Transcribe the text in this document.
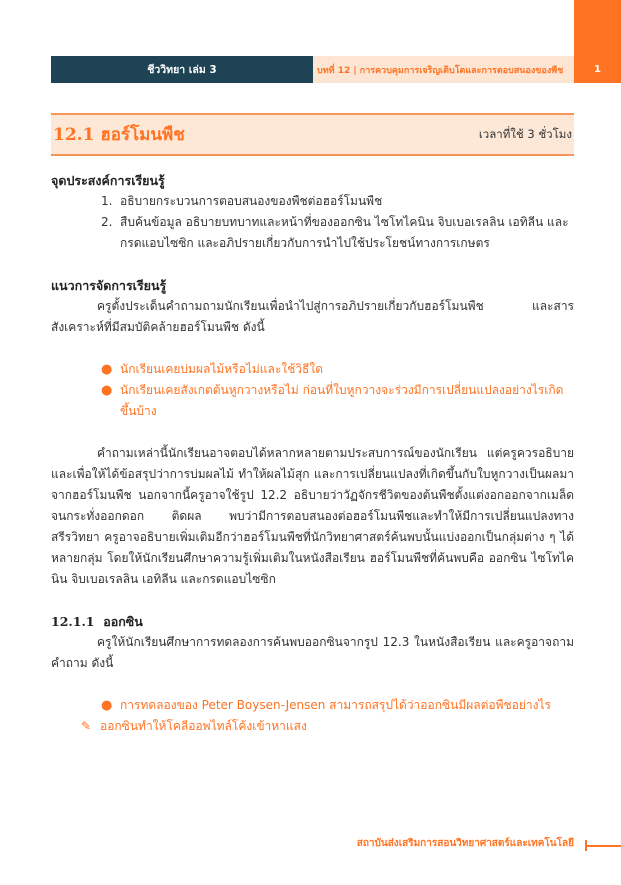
ชีววิทยา เล่ม 3	บทที่ 12 | การควบคุมการเจริญเติบโตและการตอบสนองของพืช	1
12.1 ฮอร์โมนพืช	เวลาที่ใช้ 3 ชั่วโมง
จุดประสงค์การเรียนรู้
1. อธิบายกระบวนการตอบสนองของพืชต่อฮอร์โมนพืช
2. สืบค้นข้อมูล อธิบายบทบาทและหน้าที่ของออกซิน ไซโทไคนิน จิบเบอเรลลิน เอทิลีน และกรดแอบไซซิก และอภิปรายเกี่ยวกับการนำไปใช้ประโยชน์ทางการเกษตร
แนวการจัดการเรียนรู้

ครูตั้งประเด็นคำถามถามนักเรียนเพื่อนำไปสู่การอภิปรายเกี่ยวกับฮอร์โมนพืช และสารสังเคราะห์ที่มีสมบัติคล้ายฮอร์โมนพืช ดังนี้

● นักเรียนเคยบ่มผลไม้หรือไม่และใช้วิธีใด
● นักเรียนเคยสังเกตต้นหูกวางหรือไม่ ก่อนที่ใบหูกวางจะร่วงมีการเปลี่ยนแปลงอย่างไรเกิดขึ้นบ้าง

คำถามเหล่านี้นักเรียนอาจตอบได้หลากหลายตามประสบการณ์ของนักเรียน แต่ครูควรอธิบายและเพื่อให้ได้ข้อสรุปว่าการบ่มผลไม้ ทำให้ผลไม้สุก และการเปลี่ยนแปลงที่เกิดขึ้นกับใบหูกวางเป็นผลมาจากฮอร์โมนพืช นอกจากนี้ครูอาจใช้รูป 12.2 อธิบายว่าวัฏจักรชีวิตของต้นพืชตั้งแต่งอกออกจากเมล็ดจนกระทั่งออกดอก ติดผล พบว่ามีการตอบสนองต่อฮอร์โมนพืชและทำให้มีการเปลี่ยนแปลงทางสรีรวิทยา ครูอาจอธิบายเพิ่มเติมอีกว่าฮอร์โมนพืชที่นักวิทยาศาสตร์ค้นพบนั้นแบ่งออกเป็นกลุ่มต่าง ๆ ได้หลายกลุ่ม โดยให้นักเรียนศึกษาความรู้เพิ่มเติมในหนังสือเรียน ฮอร์โมนพืชที่ค้นพบคือ ออกซิน ไซโทไคนิน จิบเบอเรลลิน เอทิลีน และกรดแอบไซซิก

12.1.1 ออกซิน

ครูให้นักเรียนศึกษาการทดลองการค้นพบออกซินจากรูป 12.3 ในหนังสือเรียน และครูอาจถามคำถาม ดังนี้

● การทดลองของ Peter Boysen-Jensen สามารถสรุปได้ว่าออกซินมีผลต่อพืชอย่างไร
✎ ออกซินทำให้โคลีออพไทล์โค้งเข้าหาแสง
สถาบันส่งเสริมการสอนวิทยาศาสตร์และเทคโนโลยี
